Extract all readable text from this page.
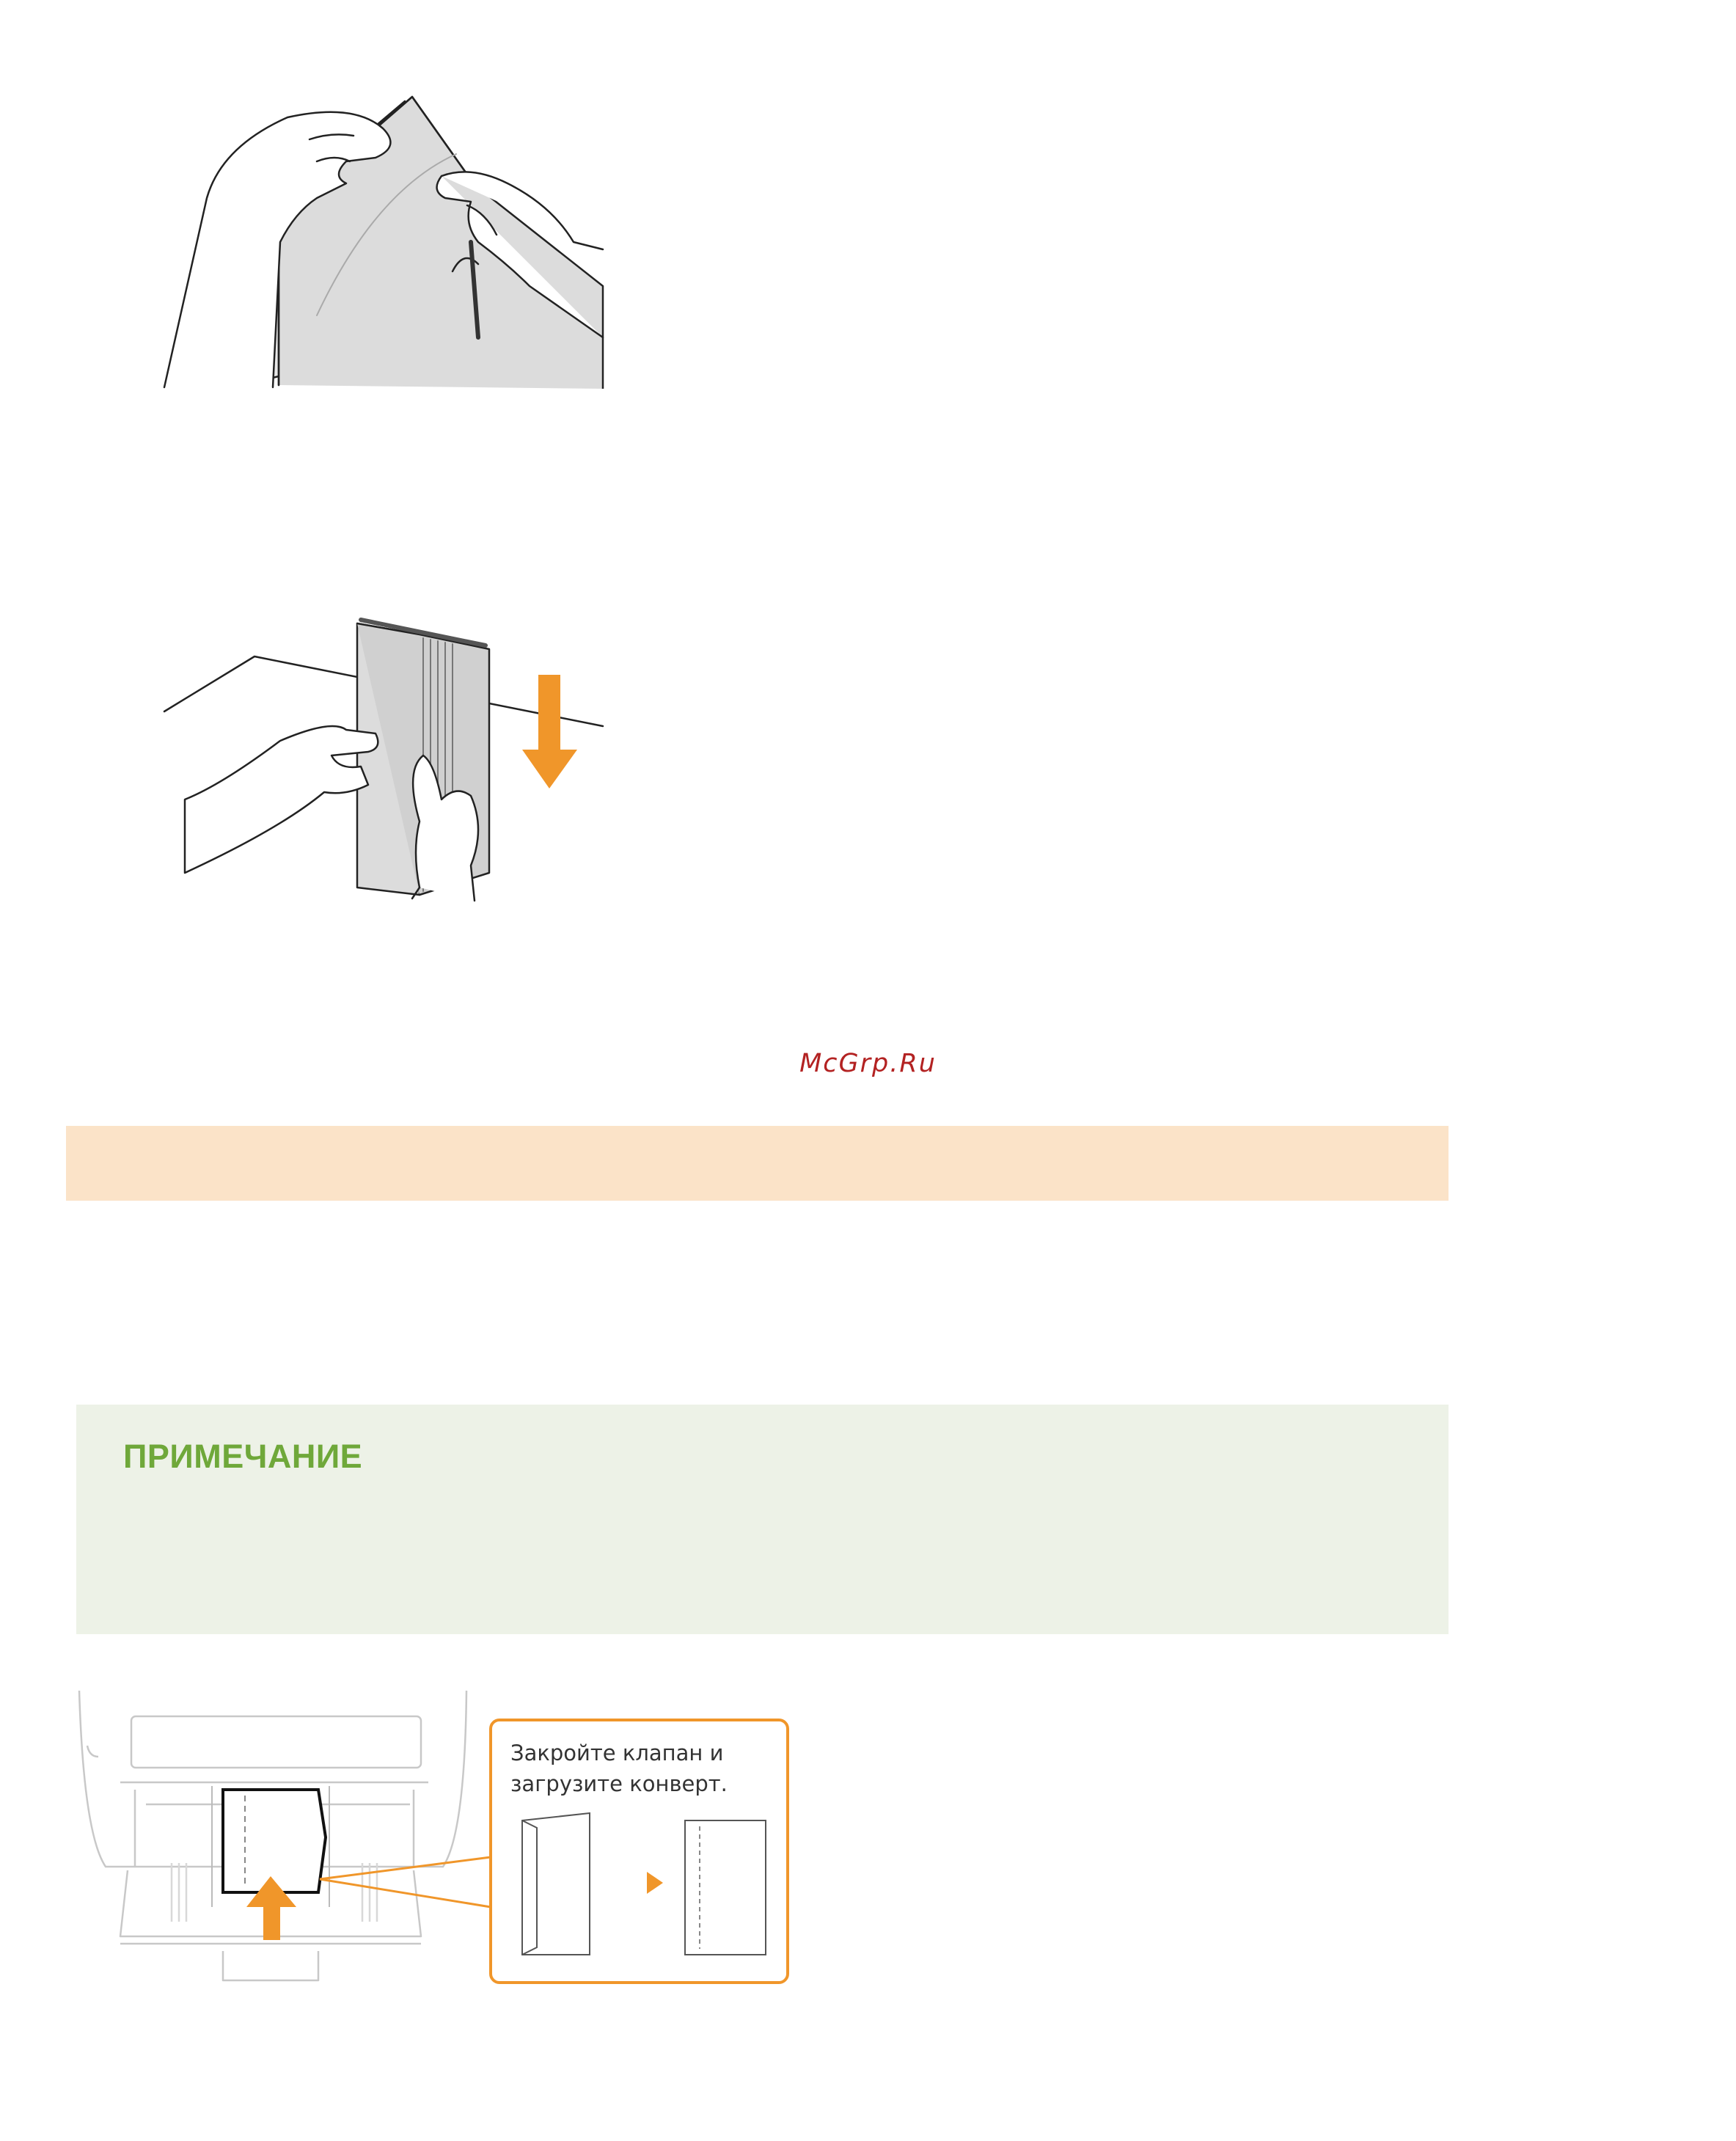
McGrp.Ru
ПРИМЕЧАНИЕ
Закройте клапан и
загрузите конверт.
